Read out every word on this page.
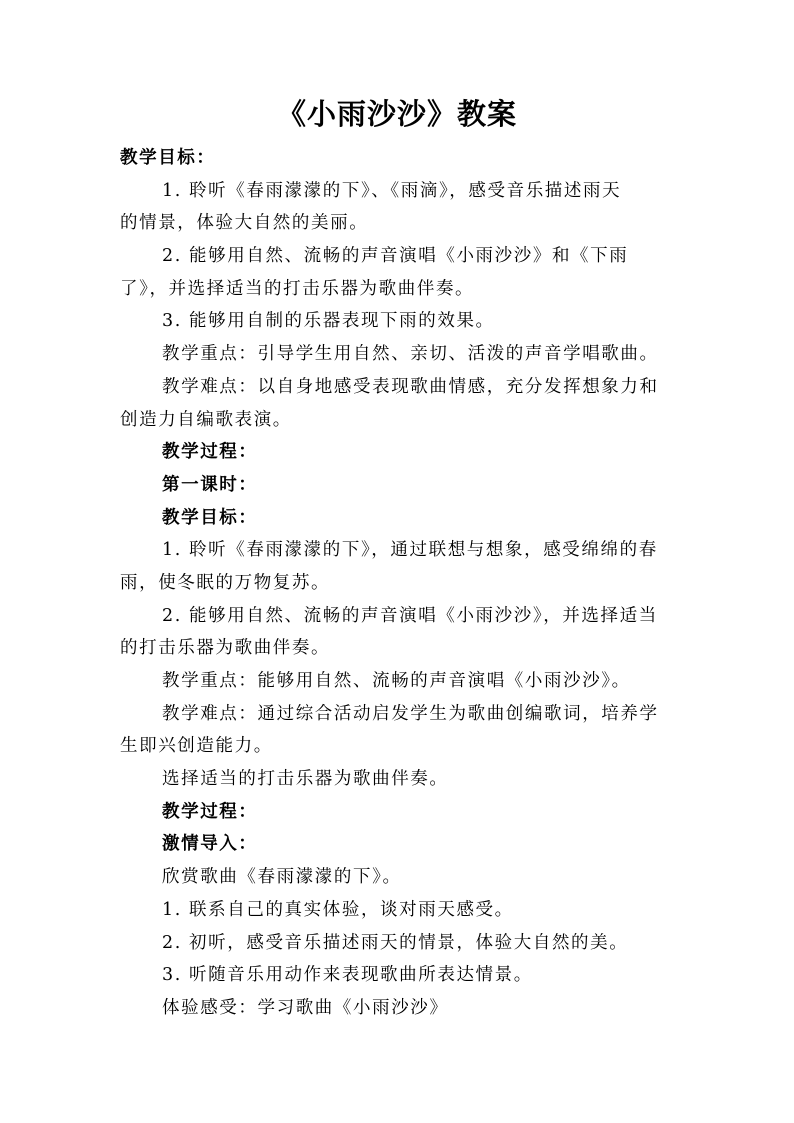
《小雨沙沙》教案
教学目标：
1. 聆听《春雨濛濛的下》、《雨滴》，感受音乐描述雨天
的情景，体验大自然的美丽。
2. 能够用自然、流畅的声音演唱《小雨沙沙》和《下雨
了》，并选择适当的打击乐器为歌曲伴奏。
3. 能够用自制的乐器表现下雨的效果。
教学重点：引导学生用自然、亲切、活泼的声音学唱歌曲。
教学难点：以自身地感受表现歌曲情感，充分发挥想象力和
创造力自编歌表演。
教学过程：
第一课时：
教学目标：
1. 聆听《春雨濛濛的下》，通过联想与想象，感受绵绵的春
雨，使冬眠的万物复苏。
2. 能够用自然、流畅的声音演唱《小雨沙沙》，并选择适当
的打击乐器为歌曲伴奏。
教学重点：能够用自然、流畅的声音演唱《小雨沙沙》。
教学难点：通过综合活动启发学生为歌曲创编歌词，培养学
生即兴创造能力。
选择适当的打击乐器为歌曲伴奏。
教学过程：
激情导入：
欣赏歌曲《春雨濛濛的下》。
1. 联系自己的真实体验，谈对雨天感受。
2. 初听，感受音乐描述雨天的情景，体验大自然的美。
3. 听随音乐用动作来表现歌曲所表达情景。
体验感受：学习歌曲《小雨沙沙》
